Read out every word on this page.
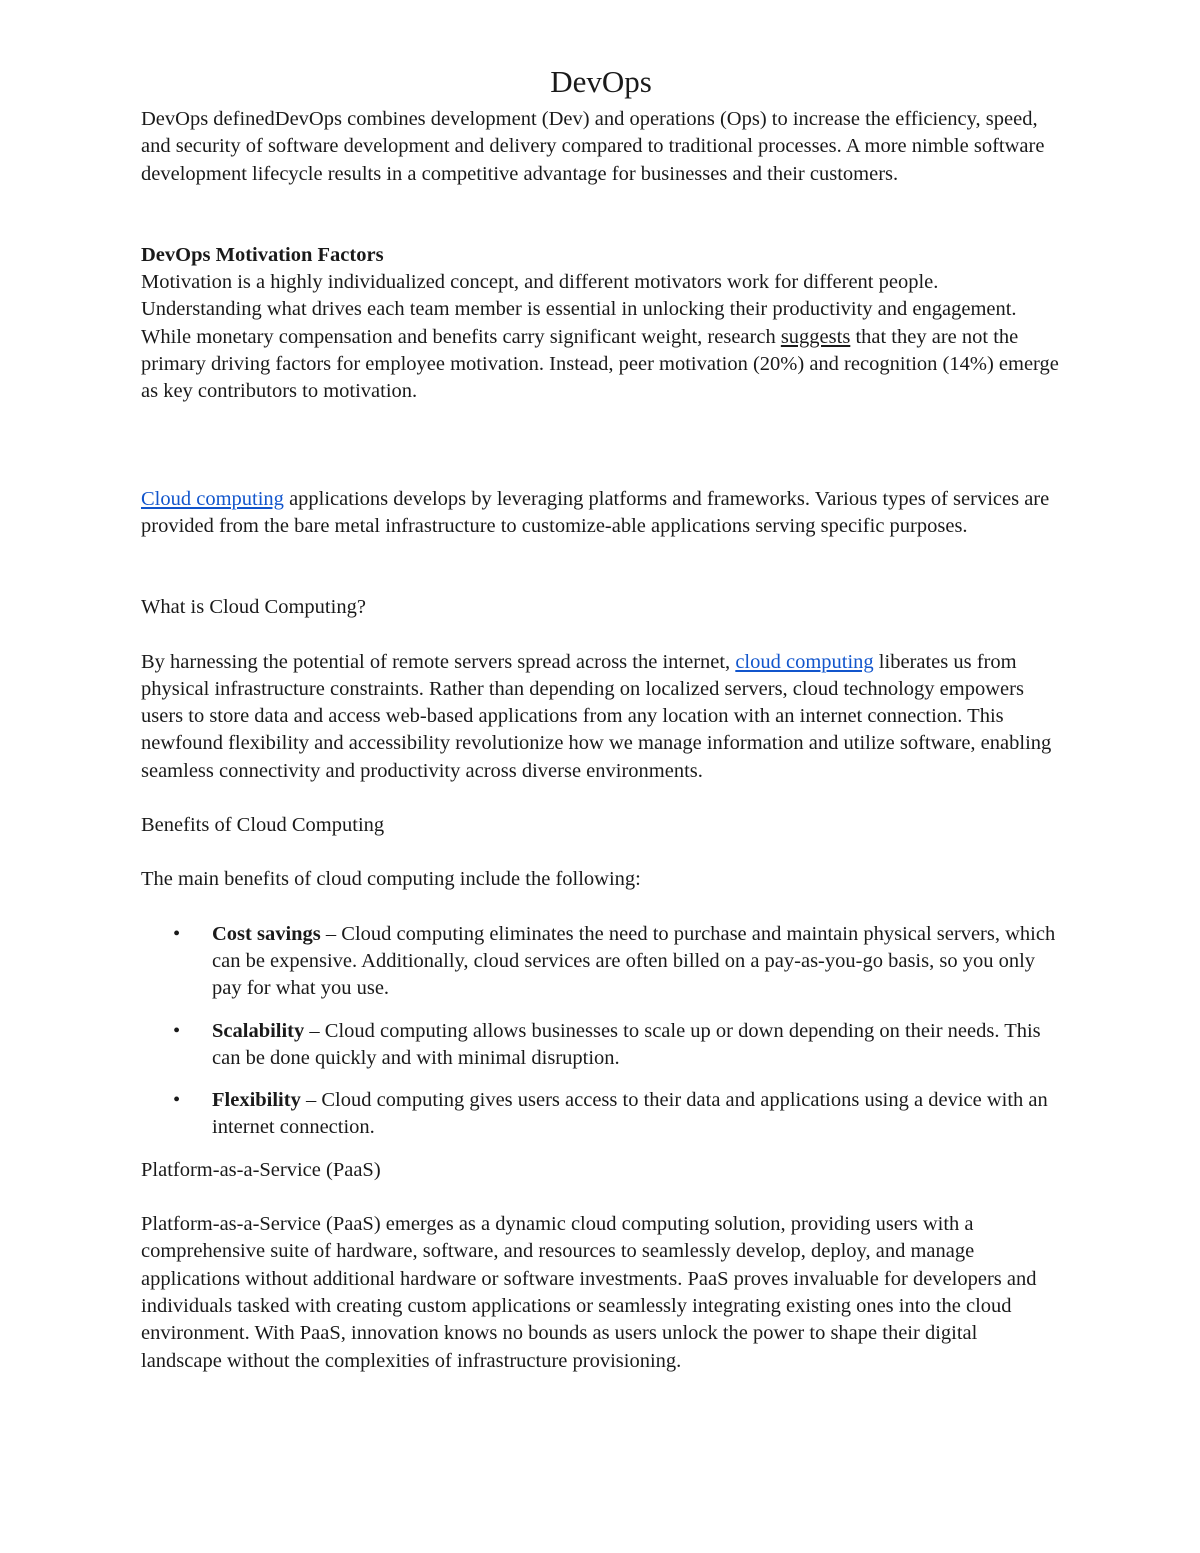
DevOps

DevOps definedDevOps combines development (Dev) and operations (Ops) to increase the efficiency, speed, and security of software development and delivery compared to traditional processes. A more nimble software development lifecycle results in a competitive advantage for businesses and their customers.

DevOps Motivation Factors

Motivation is a highly individualized concept, and different motivators work for different people. Understanding what drives each team member is essential in unlocking their productivity and engagement.

While monetary compensation and benefits carry significant weight, research suggests that they are not the primary driving factors for employee motivation. Instead, peer motivation (20%) and recognition (14%) emerge as key contributors to motivation.

Cloud computing applications develops by leveraging platforms and frameworks. Various types of services are provided from the bare metal infrastructure to customize-able applications serving specific purposes.

What is Cloud Computing?

By harnessing the potential of remote servers spread across the internet, cloud computing liberates us from physical infrastructure constraints. Rather than depending on localized servers, cloud technology empowers users to store data and access web-based applications from any location with an internet connection. This newfound flexibility and accessibility revolutionize how we manage information and utilize software, enabling seamless connectivity and productivity across diverse environments.

Benefits of Cloud Computing

The main benefits of cloud computing include the following:

• Cost savings – Cloud computing eliminates the need to purchase and maintain physical servers, which can be expensive. Additionally, cloud services are often billed on a pay-as-you-go basis, so you only pay for what you use.
• Scalability – Cloud computing allows businesses to scale up or down depending on their needs. This can be done quickly and with minimal disruption.
• Flexibility – Cloud computing gives users access to their data and applications using a device with an internet connection.

Platform-as-a-Service (PaaS)

Platform-as-a-Service (PaaS) emerges as a dynamic cloud computing solution, providing users with a comprehensive suite of hardware, software, and resources to seamlessly develop, deploy, and manage applications without additional hardware or software investments. PaaS proves invaluable for developers and individuals tasked with creating custom applications or seamlessly integrating existing ones into the cloud environment. With PaaS, innovation knows no bounds as users unlock the power to shape their digital landscape without the complexities of infrastructure provisioning.
